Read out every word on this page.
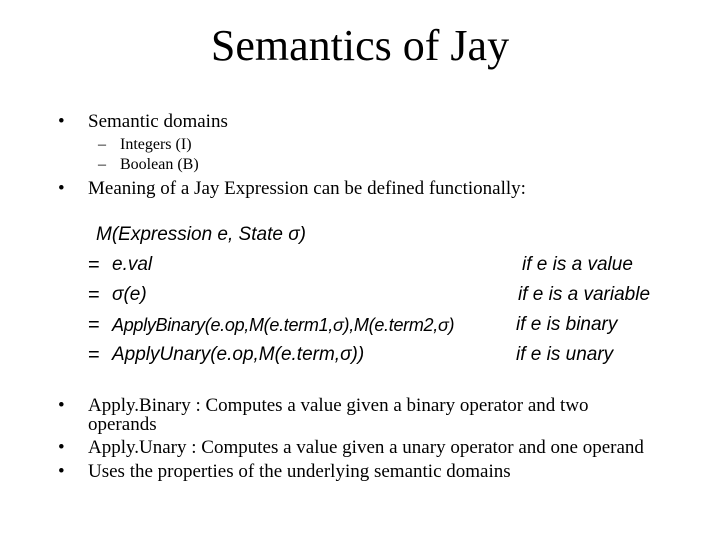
Semantics of Jay
• Semantic domains
– Integers (I)
– Boolean (B)
• Meaning of a Jay Expression can be defined functionally:
M(Expression e, State σ)
= e.val	if e is a value
= σ(e)	if e is a variable
= ApplyBinary(e.op,M(e.term1,σ),M(e.term2,σ)	if e is binary
= ApplyUnary(e.op,M(e.term,σ))	if e is unary
• Apply.Binary : Computes a value given a binary operator and two
operands
• Apply.Unary : Computes a value given a unary operator and one operand
• Uses the properties of the underlying semantic domains
